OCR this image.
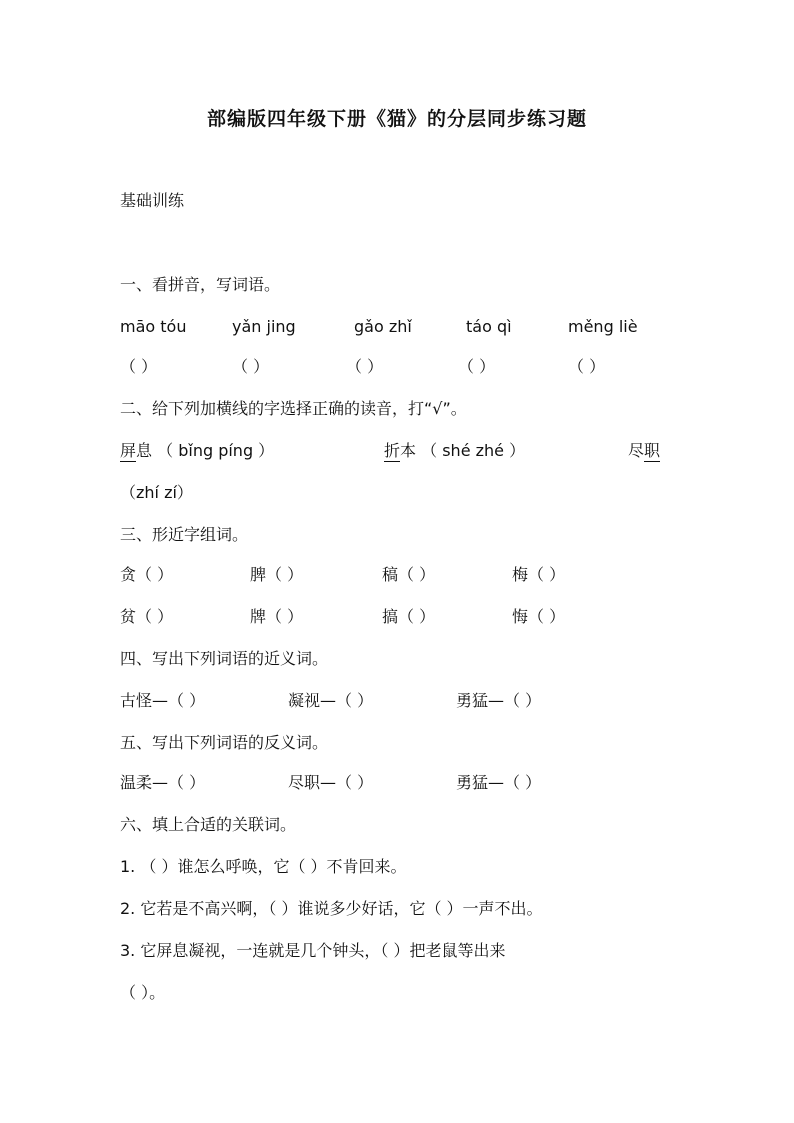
部编版四年级下册《猫》的分层同步练习题
基础训练
一、看拼音，写词语。
māo tóu	yǎn jing	gǎo zhǐ	táo qì	měng liè
（ ）	（ ）	（ ）	（ ）	（ ）
二、给下列加横线的字选择正确的读音，打“√”。
屏息 （ bǐng píng ）	折本 （ shé zhé ）	尽职
（zhí zí）
三、形近字组词。
贪（ ）	脾（ ）	稿（ ）	梅（ ）
贫（ ）	牌（ ）	搞（ ）	悔（ ）
四、写出下列词语的近义词。
古怪—（ ）	凝视—（ ）	勇猛—（ ）
五、写出下列词语的反义词。
温柔—（ ）	尽职—（ ）	勇猛—（ ）
六、填上合适的关联词。
1. （ ）谁怎么呼唤，它（ ）不肯回来。
2. 它若是不高兴啊，（ ）谁说多少好话，它（ ）一声不出。
3. 它屏息凝视，一连就是几个钟头，（ ）把老鼠等出来
（ ）。
